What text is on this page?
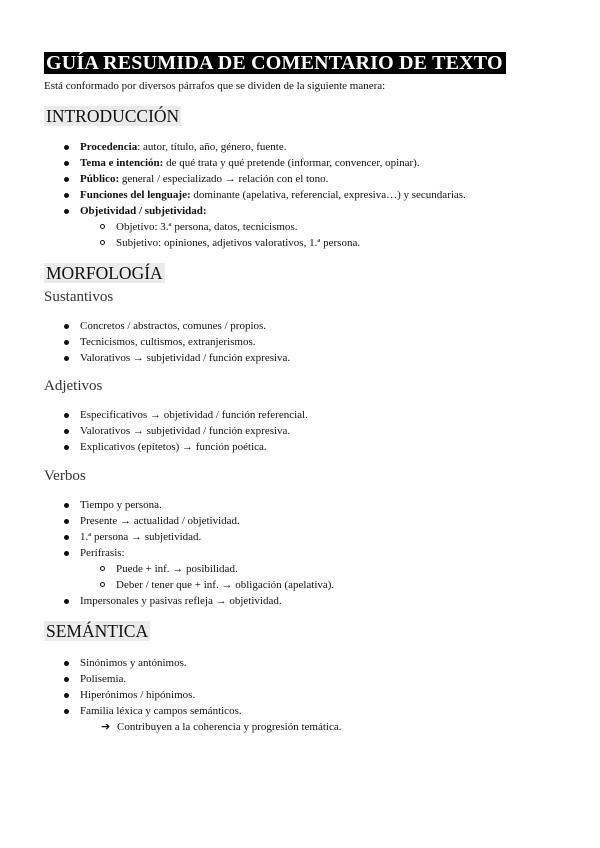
GUÍA RESUMIDA DE COMENTARIO DE TEXTO
Está conformado por diversos párrafos que se dividen de la siguiente manera:
INTRODUCCIÓN
Procedencia: autor, título, año, género, fuente.
Tema e intención: de qué trata y qué pretende (informar, convencer, opinar).
Público: general / especializado → relación con el tono.
Funciones del lenguaje: dominante (apelativa, referencial, expresiva…) y secundarias.
Objetividad / subjetividad:
Objetivo: 3.ª persona, datos, tecnicismos.
Subjetivo: opiniones, adjetivos valorativos, 1.ª persona.
MORFOLOGÍA
Sustantivos
Concretos / abstractos, comunes / propios.
Tecnicismos, cultismos, extranjerismos.
Valorativos → subjetividad / función expresiva.
Adjetivos
Especificativos → objetividad / función referencial.
Valorativos → subjetividad / función expresiva.
Explicativos (epítetos) → función poética.
Verbos
Tiempo y persona.
Presente → actualidad / objetividad.
1.ª persona → subjetividad.
Perífrasis:
Puede + inf. → posibilidad.
Deber / tener que + inf. → obligación (apelativa).
Impersonales y pasivas refleja → objetividad.
SEMÁNTICA
Sinónimos y antónimos.
Polisemia.
Hiperónimos / hipónimos.
Familia léxica y campos semánticos.
➔ Contribuyen a la coherencia y progresión temática.
